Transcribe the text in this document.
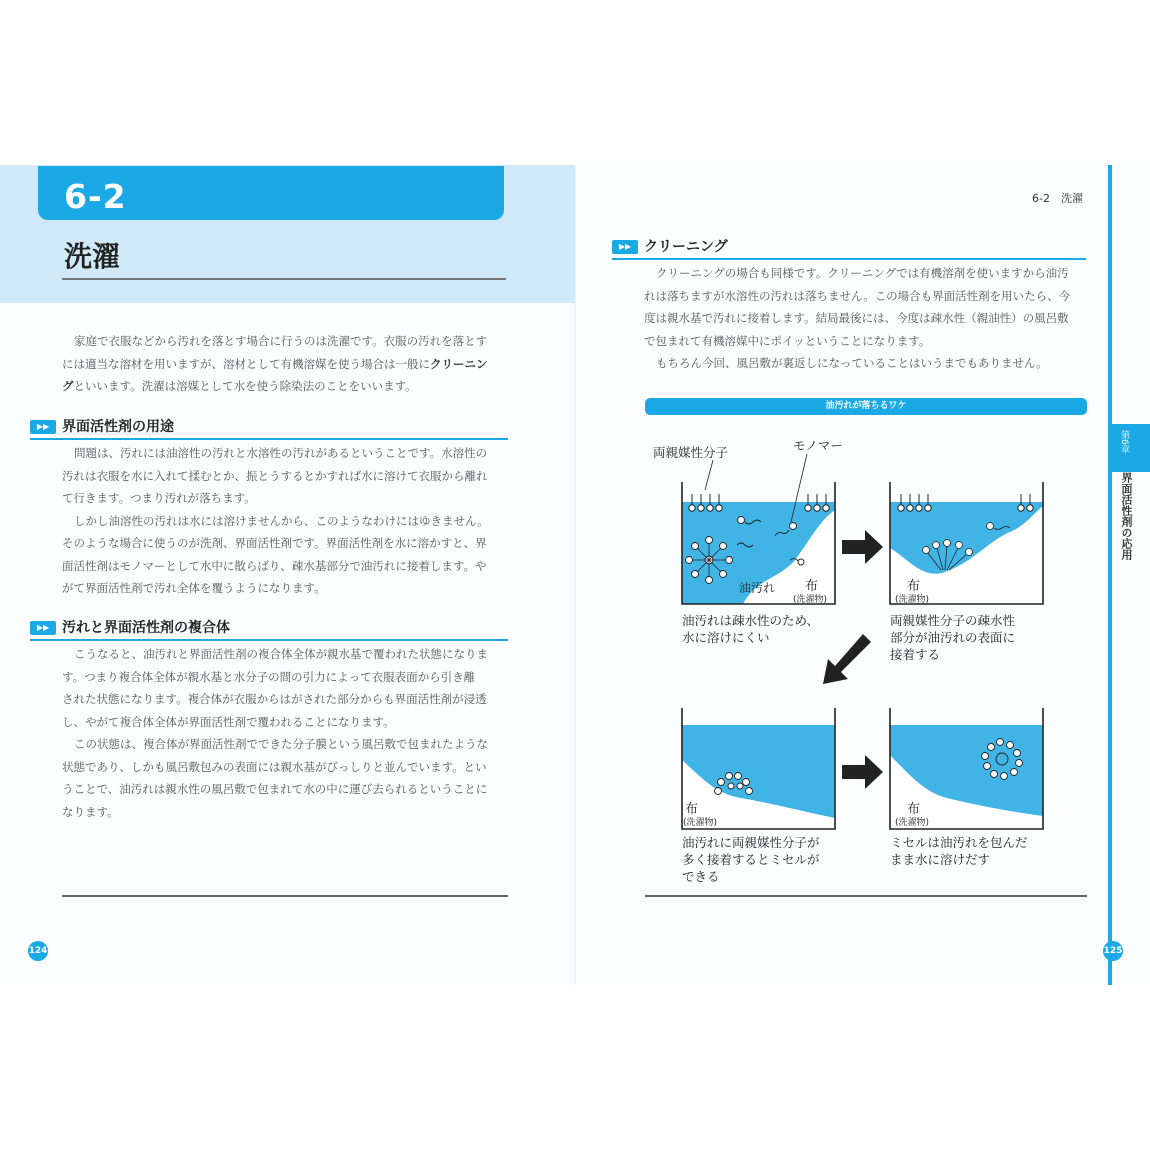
6-2
洗濯
家庭で衣服などから汚れを落とす場合に行うのは洗濯です。衣服の汚れを落とす
には適当な溶材を用いますが、溶材として有機溶媒を使う場合は一般にクリーニン
グといいます。洗濯は溶媒として水を使う除染法のことをいいます。
▶▶ 界面活性剤の用途
問題は、汚れには油溶性の汚れと水溶性の汚れがあるということです。水溶性の
汚れは衣服を水に入れて揉むとか、振とうするとかすれば水に溶けて衣服から離れ
て行きます。つまり汚れが落ちます。
しかし油溶性の汚れは水には溶けませんから、このようなわけにはゆきません。
そのような場合に使うのが洗剤、界面活性剤です。界面活性剤を水に溶かすと、界
面活性剤はモノマーとして水中に散らばり、疎水基部分で油汚れに接着します。や
がて界面活性剤で汚れ全体を覆うようになります。
▶▶ 汚れと界面活性剤の複合体
こうなると、油汚れと界面活性剤の複合体全体が親水基で覆われた状態になりま
す。つまり複合体全体が親水基と水分子の間の引力によって衣服表面から引き離
された状態になります。複合体が衣服からはがされた部分からも界面活性剤が浸透
し、やがて複合体全体が界面活性剤で覆われることになります。
この状態は、複合体が界面活性剤でできた分子膜という風呂敷で包まれたような
状態であり、しかも風呂敷包みの表面には親水基がびっしりと並んでいます。とい
うことで、油汚れは親水性の風呂敷で包まれて水の中に運び去られるということに
なります。
124
6-2　洗濯
▶▶ クリーニング
クリーニングの場合も同様です。クリーニングでは有機溶剤を使いますから油汚
れは落ちますが水溶性の汚れは落ちません。この場合も界面活性剤を用いたら、今
度は親水基で汚れに接着します。結局最後には、今度は疎水性（親油性）の風呂敷
で包まれて有機溶媒中にポイッということになります。
もちろん今回、風呂敷が裏返しになっていることはいうまでもありません。
油汚れが落ちるワケ
両親媒性分子	モノマー
油汚れ 布
(洗濯物)
布
(洗濯物)
布
(洗濯物)
布
(洗濯物)
油汚れは疎水性のため、
水に溶けにくい
両親媒性分子の疎水性
部分が油汚れの表面に
接着する
油汚れに両親媒性分子が
多く接着するとミセルが
できる
ミセルは油汚れを包んだ
まま水に溶けだす
第6章
界面活性剤の応用
125
